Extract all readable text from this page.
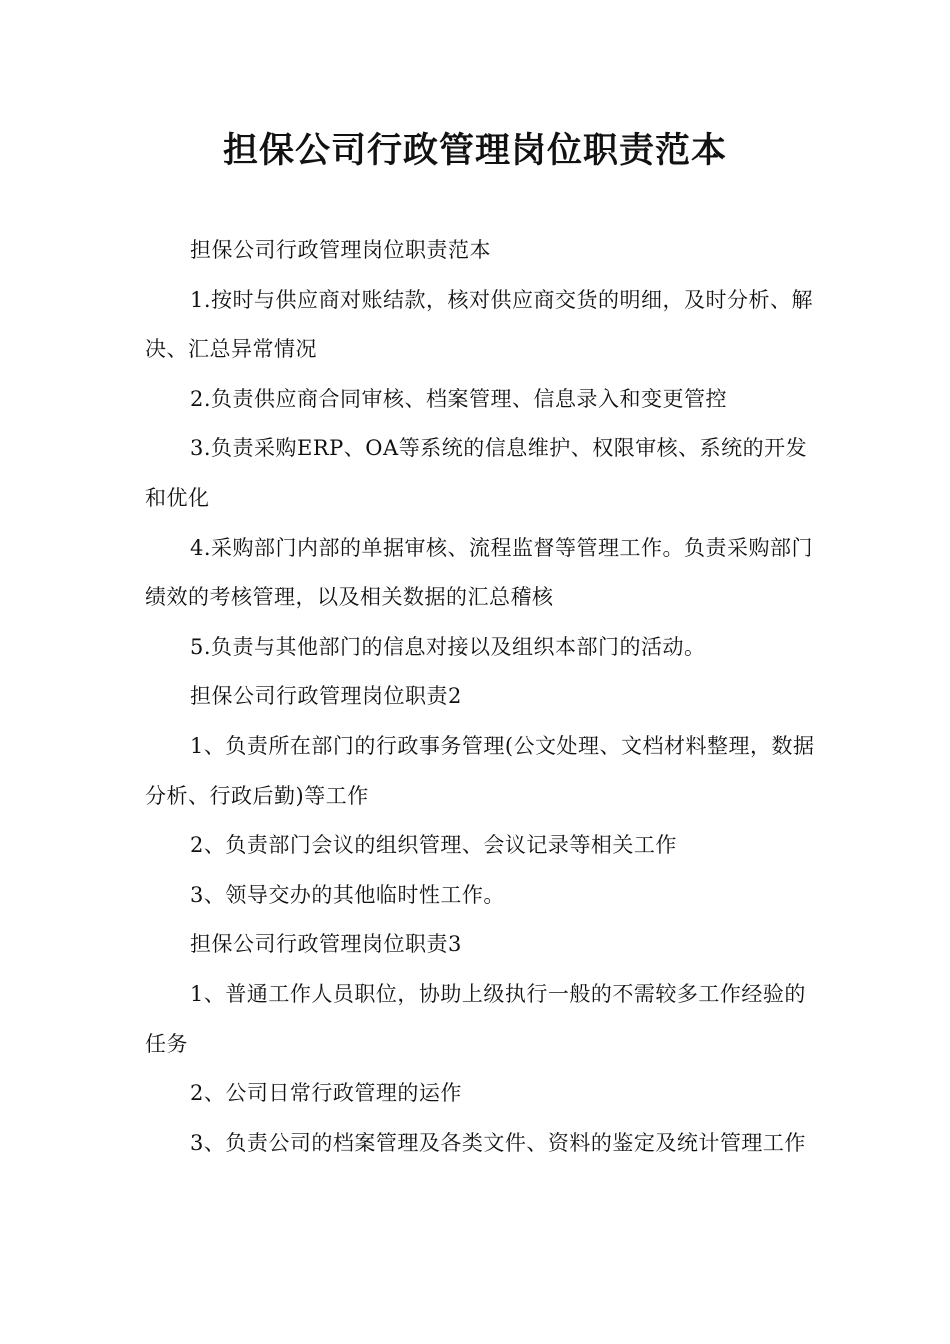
担保公司行政管理岗位职责范本

担保公司行政管理岗位职责范本

1.按时与供应商对账结款，核对供应商交货的明细，及时分析、解决、汇总异常情况

2.负责供应商合同审核、档案管理、信息录入和变更管控

3.负责采购ERP、OA等系统的信息维护、权限审核、系统的开发和优化

4.采购部门内部的单据审核、流程监督等管理工作。负责采购部门绩效的考核管理，以及相关数据的汇总稽核

5.负责与其他部门的信息对接以及组织本部门的活动。

担保公司行政管理岗位职责2

1、负责所在部门的行政事务管理(公文处理、文档材料整理，数据分析、行政后勤)等工作

2、负责部门会议的组织管理、会议记录等相关工作

3、领导交办的其他临时性工作。

担保公司行政管理岗位职责3

1、普通工作人员职位，协助上级执行一般的不需较多工作经验的任务

2、公司日常行政管理的运作

3、负责公司的档案管理及各类文件、资料的鉴定及统计管理工作
